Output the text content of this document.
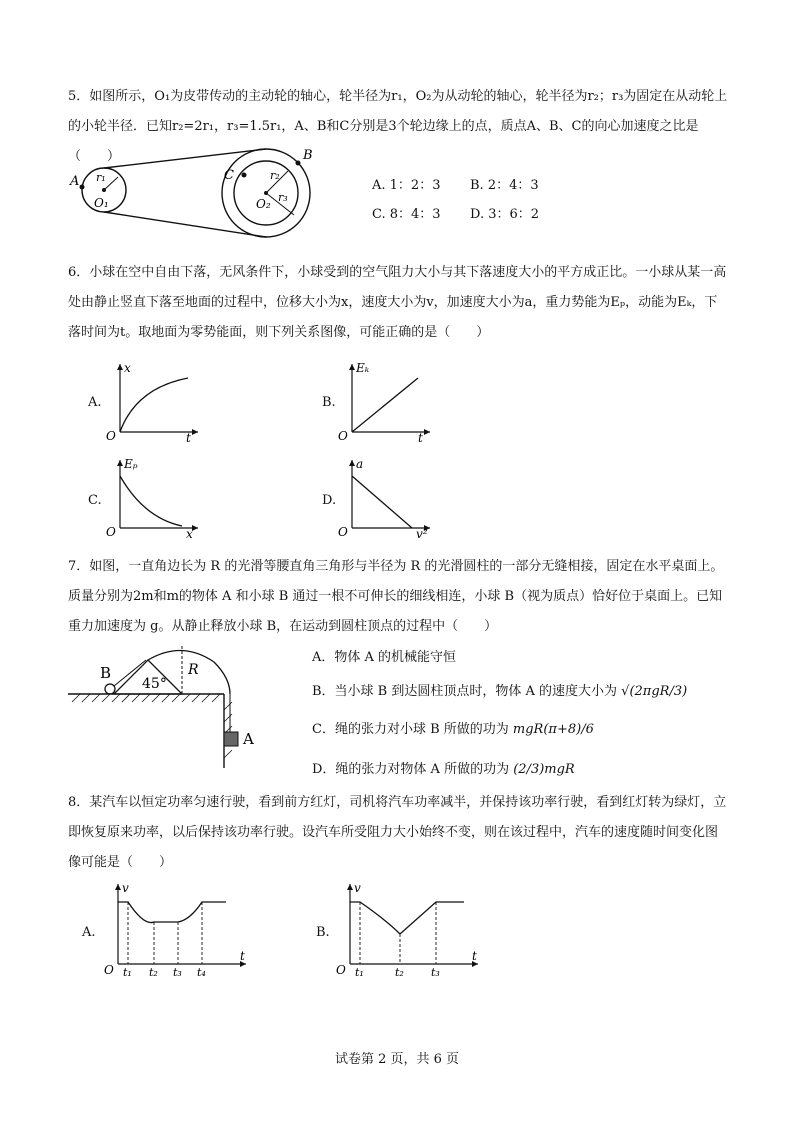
5．如图所示，O₁为皮带传动的主动轮的轴心，轮半径为r₁，O₂为从动轮的轴心，轮半径为r₂；r₃为固定在从动轮上的小轮半径．已知r₂=2r₁，r₃=1.5r₁，A、B和C分别是3个轮边缘上的点，质点A、B、C的向心加速度之比是（　　）
A
B
C
O₁	O₂
r₁	r₂
r₃
A. 1：2：3 B. 2：4：3
C. 8：4：3 D. 3：6：2
6．小球在空中自由下落，无风条件下，小球受到的空气阻力大小与其下落速度大小的平方成正比。一小球从某一高处由静止竖直下落至地面的过程中，位移大小为x，速度大小为v，加速度大小为a，重力势能为Eₚ，动能为Eₖ，下落时间为t。取地面为零势能面，则下列关系图像，可能正确的是（　　）
A.
O
x
t
B.
O
Eₖ
t
C.
O
Eₚ
x
D.
O
a
v²
7．如图，一直角边长为 R 的光滑等腰直角三角形与半径为 R 的光滑圆柱的一部分无缝相接，固定在水平桌面上。质量分别为2m和m的物体 A 和小球 B 通过一根不可伸长的细线相连，小球 B（视为质点）恰好位于桌面上。已知重力加速度为 g。从静止释放小球 B，在运动到圆柱顶点的过程中（　　）
B
45°
R
A
A．物体 A 的机械能守恒
B．当小球 B 到达圆柱顶点时，物体 A 的速度大小为 √(2πgR/3)
C．绳的张力对小球 B 所做的功为 mgR(π+8)/6
D．绳的张力对物体 A 所做的功为 (2/3)mgR
8．某汽车以恒定功率匀速行驶，看到前方红灯，司机将汽车功率减半，并保持该功率行驶，看到红灯转为绿灯，立即恢复原来功率，以后保持该功率行驶。设汽车所受阻力大小始终不变，则在该过程中，汽车的速度随时间变化图像可能是（　　）
A.
O
v
t
t₁ t₂ t₃ t₄
B.
O
v
t
t₁	t₂ t₃
试卷第 2 页，共 6 页
